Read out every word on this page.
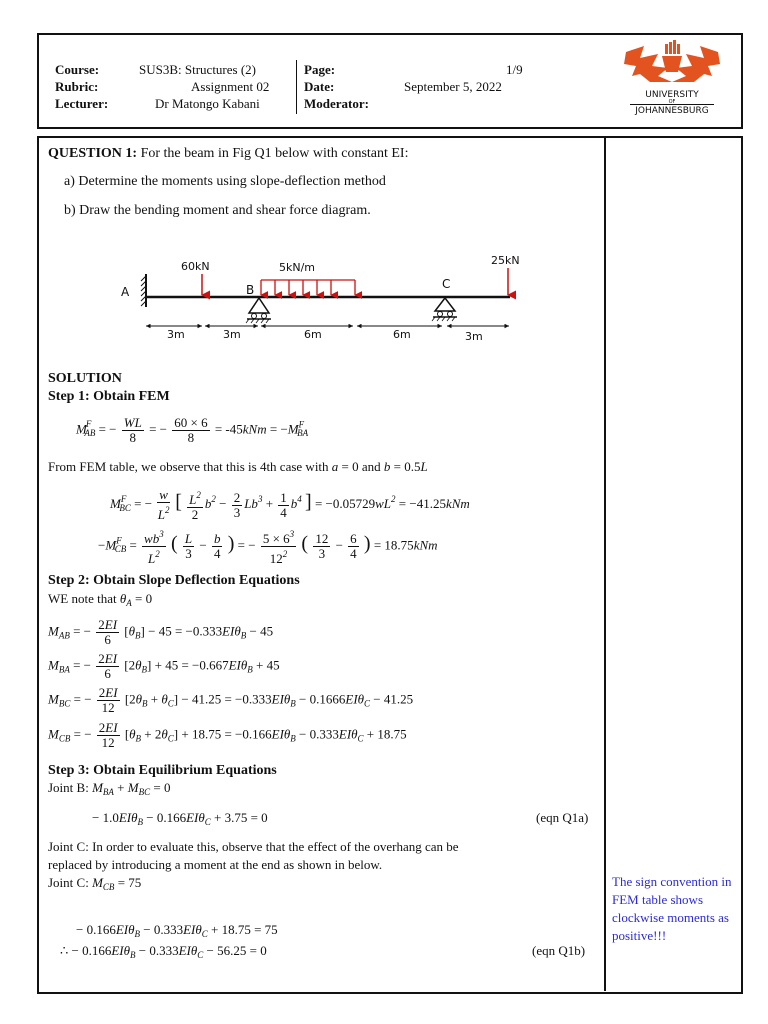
Course:	SUS3B: Structures (2)
Rubric:	Assignment 02
Lecturer:	Dr Matongo Kabani
Page:	1/9
Date:	September 5, 2022
Moderator:
UNIVERSITY
OF
JOHANNESBURG
QUESTION 1: For the beam in Fig Q1 below with constant EI:
a) Determine the moments using slope-deflection method
b) Draw the bending moment and shear force diagram.
A
60kN
B
5kN/m
C
25kN
3m	3m	6m	6m	3m
SOLUTION
Step 1: Obtain FEM
$M^F_{AB}$ = − $\frac{WL}{8}$ = − $\frac{60 \times 6}{8} = -45kNm = -M^F_{BA}$
From FEM table, we observe that this is 4th case with a = 0 and b = 0.5L
$M^F_{BC}$ = − $\frac{w}{L^2}$ [ $\frac{L^2}{2} b^2 - \frac{2}{3} Lb^3 + \frac{1}{4} b^4$ ] = $-0.05729wL^2 = -41.25kNm$
$-M^F_{CB} = \frac{wb^3}{L^2}$ ( $\frac{L}{3} - \frac{b}{4}$ ) = − $\frac{5 \times 6^3}{12^2}$ ( $\frac{12}{3} - \frac{6}{4}$ ) = 18.75kNm
Step 2: Obtain Slope Deflection Equations
WE note that $\theta_A = 0$
$M_{AB}$ = − $\frac{2EI}{6} [\theta_B] - 45 = -0.333EI\theta_B - 45$
$M_{BA}$ = − $\frac{2EI}{6} [2\theta_B] + 45 = -0.667EI\theta_B + 45$
$M_{BC}$ = − $\frac{2EI}{12} [2\theta_B + \theta_C] - 41.25 = -0.333EI\theta_B - 0.1666EI\theta_C - 41.25$
$M_{CB}$ = − $\frac{2EI}{12} [\theta_B + 2\theta_C] + 18.75 = -0.166EI\theta_B - 0.333EI\theta_C + 18.75$
Step 3: Obtain Equilibrium Equations
Joint B: $M_{BA} + M_{BC} = 0$
− 1.0EIθ$_B$ − 0.166EIθ$_C$ + 3.75 = 0	(eqn Q1a)
Joint C: In order to evaluate this, observe that the effect of the overhang can be
replaced by introducing a moment at the end as shown in below.
Joint C: $M_{CB} = 75$
− 0.166EIθ$_B$ − 0.333EIθ$_C$ + 18.75 = 75
∴ − 0.166EIθ$_B$ − 0.333EIθ$_C$ − 56.25 = 0	(eqn Q1b)
The sign convention in FEM table shows clockwise moments as positive!!!
